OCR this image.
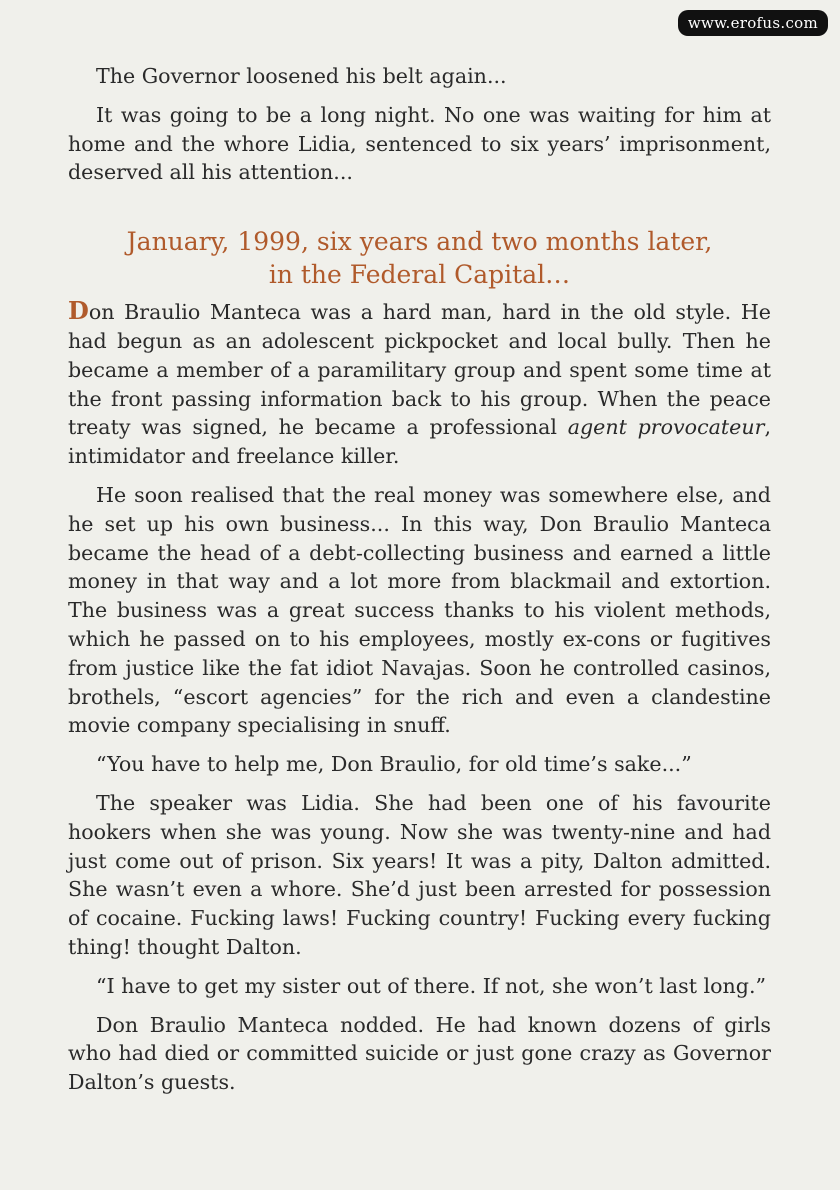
www.erofus.com

The Governor loosened his belt again...

It was going to be a long night. No one was waiting for him at home and the whore Lidia, sentenced to six years’ imprisonment, deserved all his attention...

January, 1999, six years and two months later,
in the Federal Capital…

Don Braulio Manteca was a hard man, hard in the old style. He had begun as an adolescent pickpocket and local bully. Then he became a member of a paramilitary group and spent some time at the front passing information back to his group. When the peace treaty was signed, he became a professional agent provocateur, intimidator and freelance killer.

He soon realised that the real money was somewhere else, and he set up his own business... In this way, Don Braulio Manteca became the head of a debt-collecting business and earned a little money in that way and a lot more from blackmail and extortion. The business was a great success thanks to his violent methods, which he passed on to his employees, mostly ex-cons or fugitives from justice like the fat idiot Navajas. Soon he controlled casinos, brothels, “escort agencies” for the rich and even a clandestine movie company specialising in snuff.

“You have to help me, Don Braulio, for old time’s sake...”

The speaker was Lidia. She had been one of his favourite hookers when she was young. Now she was twenty-nine and had just come out of prison. Six years! It was a pity, Dalton admitted. She wasn’t even a whore. She’d just been arrested for possession of cocaine. Fucking laws! Fucking country! Fucking every fucking thing! thought Dalton.

“I have to get my sister out of there. If not, she won’t last long.”

Don Braulio Manteca nodded. He had known dozens of girls who had died or committed suicide or just gone crazy as Governor Dalton’s guests.
